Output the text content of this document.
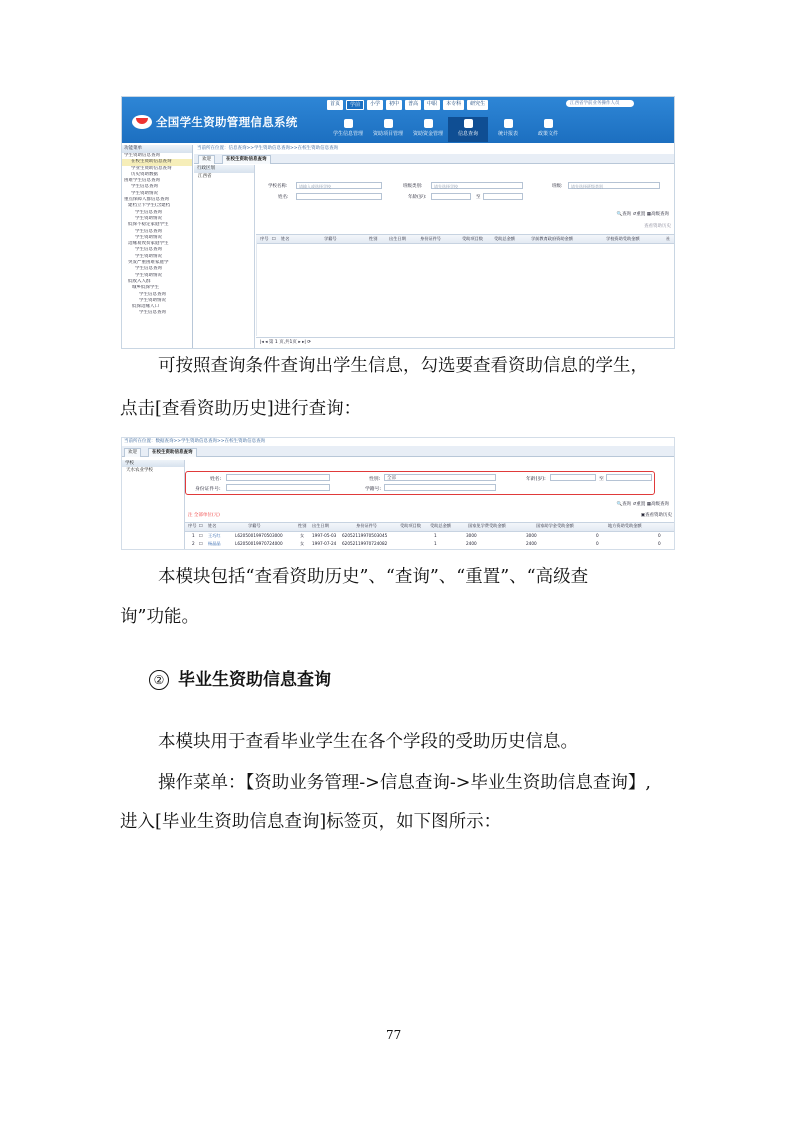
全国学生资助管理信息系统
首页	学前	小学	初中	普高	中职	本专科	研究生	江西省学前业务操作人员
学生信息管理	资助项目管理	资助资金管理	信息查询	统计报表	政策文件
功能菜单
学生资助信息查询
在校生资助信息查询
学业生资助信息查询
历史资助数据
困难学生信息查询
学生信息查询
学生资助情况
重点保障人群信息查询
建档立卡学生(含建档
学生信息查询
学生资助情况
低保不稳定家庭学生
学生信息查询
学生资助情况
边缘易致贫家庭学生
学生信息查询
学生资助情况
突发严重困难家庭学
学生信息查询
学生资助情况
低收入人群
城乡低保学生
学生信息查询
学生资助情况
低保边缘人口
学生信息查询
当前所在位置：信息查询>>学生资助信息查询>>在校生资助信息查询
欢迎	在校生资助信息查询
行政区划
江西省
学校名称:	请输入或选择学校	班级类别:	请先选择学校	班级:	请先选择班级类别
姓名:	年龄(岁):	至
🔍查询 ↺重置 ▦高级查询
查看资助历史
序号 ☐ 姓名	学籍号	性别	出生日期	身份证件号	受助项目数	受助总金额	学前教育政府资助金额	学校资助受助金额	社
|◂ ◂ 第 1 页,共1页 ▸ ▸| ⟳
可按照查询条件查询出学生信息，勾选要查看资助信息的学生，
点击[查看资助历史]进行查询：
当前所在位置：数据查询>>学生资助信息查询>>在校生资助信息查询
欢迎	在校生资助信息查询
学校
天水农业学校
姓名:	性别:	全部	年龄(岁):	至
身份证件号:	学籍号:
🔍查询 ↺重置 ▦高级查询
注 全部单位(元)	▣查看资助历史
序号 ☐ 姓名	学籍号	性别 出生日期	身份证件号	受助项目数 受助总金额	国家免学费受助金额	国家助学金受助金额	地方资助受助金额
1 ☐ 王巧红	L62050019970503000	女 1997-05-03 62052119970503045	1	3000	3000	0	0
2 ☐ 杨晶晶	L62050019970724000	女 1997-07-24 62052119970724082	1	2400	2400	0	0
本模块包括“查看资助历史”、“查询”、“重置”、“高级查
询”功能。
② 毕业生资助信息查询
本模块用于查看毕业学生在各个学段的受助历史信息。
操作菜单：【资助业务管理->信息查询->毕业生资助信息查询】,
进入[毕业生资助信息查询]标签页，如下图所示：
77
